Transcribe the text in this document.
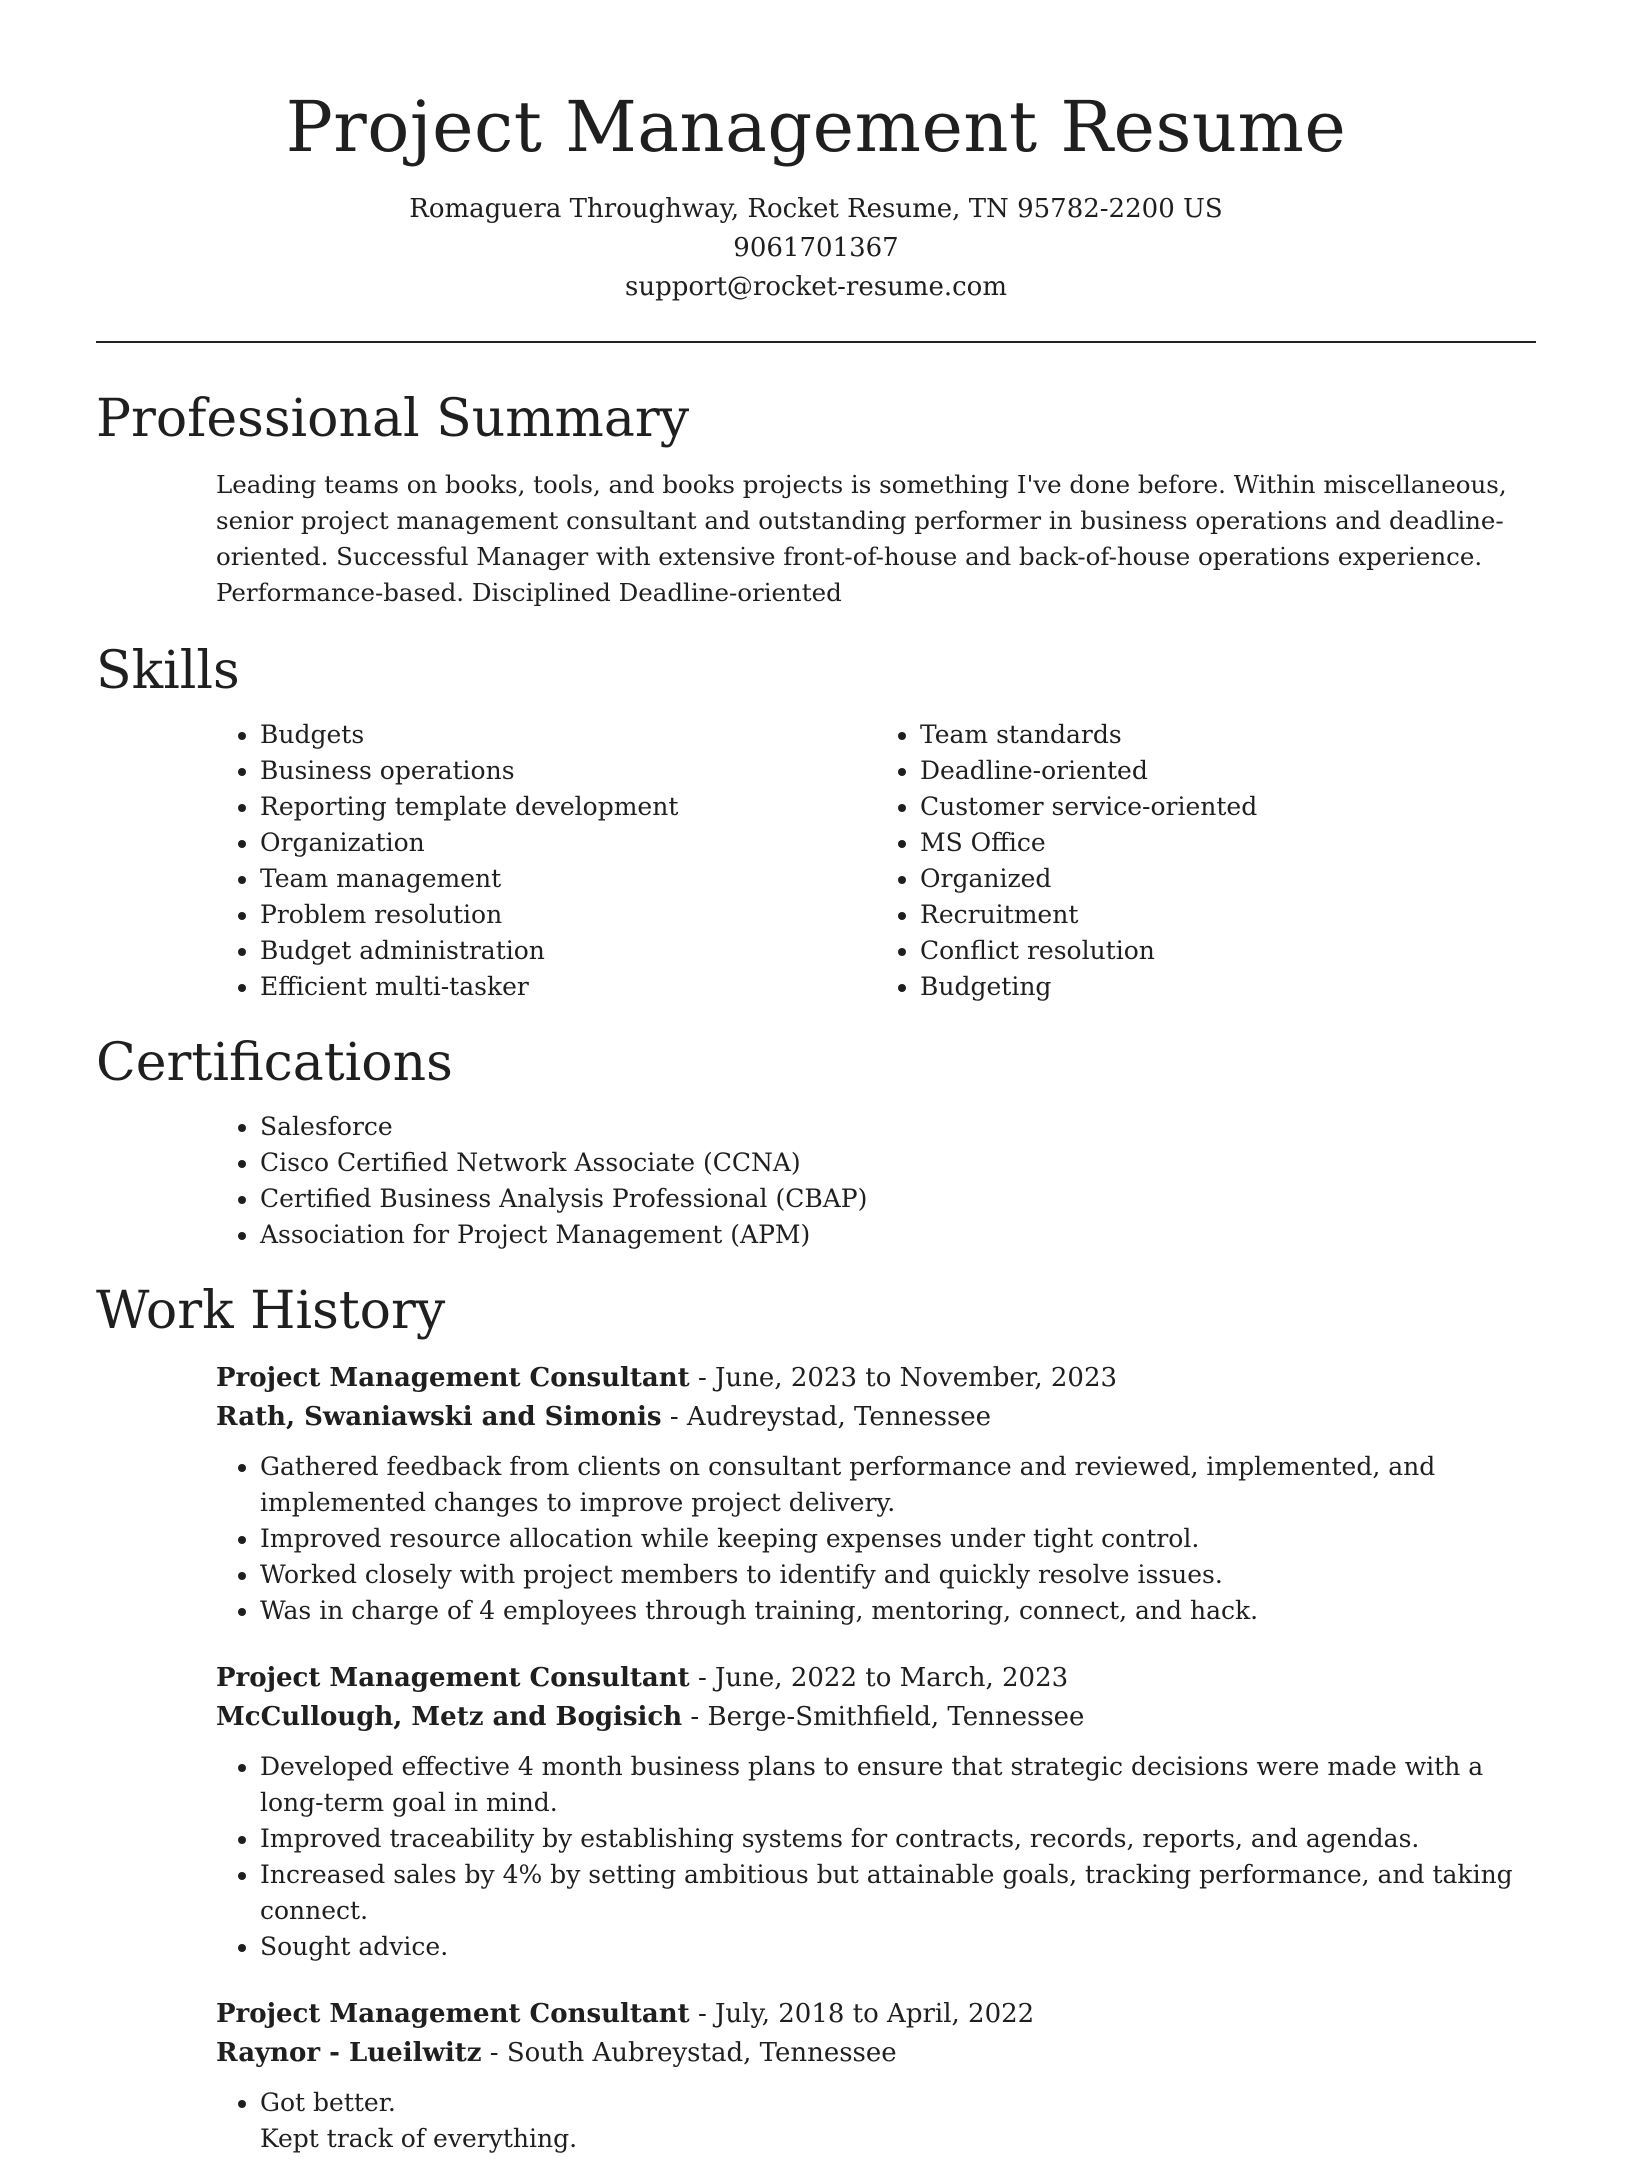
Project Management Resume
Romaguera Throughway, Rocket Resume, TN 95782-2200 US
9061701367
support@rocket-resume.com
Professional Summary

Leading teams on books, tools, and books projects is something I've done before. Within miscellaneous, senior project management consultant and outstanding performer in business operations and deadline-oriented. Successful Manager with extensive front-of-house and back-of-house operations experience. Performance-based. Disciplined Deadline-oriented

Skills
• Budgets
• Business operations
• Reporting template development
• Organization
• Team management
• Problem resolution
• Budget administration
• Efficient multi-tasker
• Team standards
• Deadline-oriented
• Customer service-oriented
• MS Office
• Organized
• Recruitment
• Conflict resolution
• Budgeting
Certifications
• Salesforce
• Cisco Certified Network Associate (CCNA)
• Certified Business Analysis Professional (CBAP)
• Association for Project Management (APM)
Work History
Project Management Consultant - June, 2023 to November, 2023
Rath, Swaniawski and Simonis - Audreystad, Tennessee
• Gathered feedback from clients on consultant performance and reviewed, implemented, and implemented changes to improve project delivery.
• Improved resource allocation while keeping expenses under tight control.
• Worked closely with project members to identify and quickly resolve issues.
• Was in charge of 4 employees through training, mentoring, connect, and hack.
Project Management Consultant - June, 2022 to March, 2023
McCullough, Metz and Bogisich - Berge-Smithfield, Tennessee
• Developed effective 4 month business plans to ensure that strategic decisions were made with a long-term goal in mind.
• Improved traceability by establishing systems for contracts, records, reports, and agendas.
• Increased sales by 4% by setting ambitious but attainable goals, tracking performance, and taking connect.
• Sought advice.
Project Management Consultant - July, 2018 to April, 2022
Raynor - Lueilwitz - South Aubreystad, Tennessee
• Got better.
• Kept track of everything.
